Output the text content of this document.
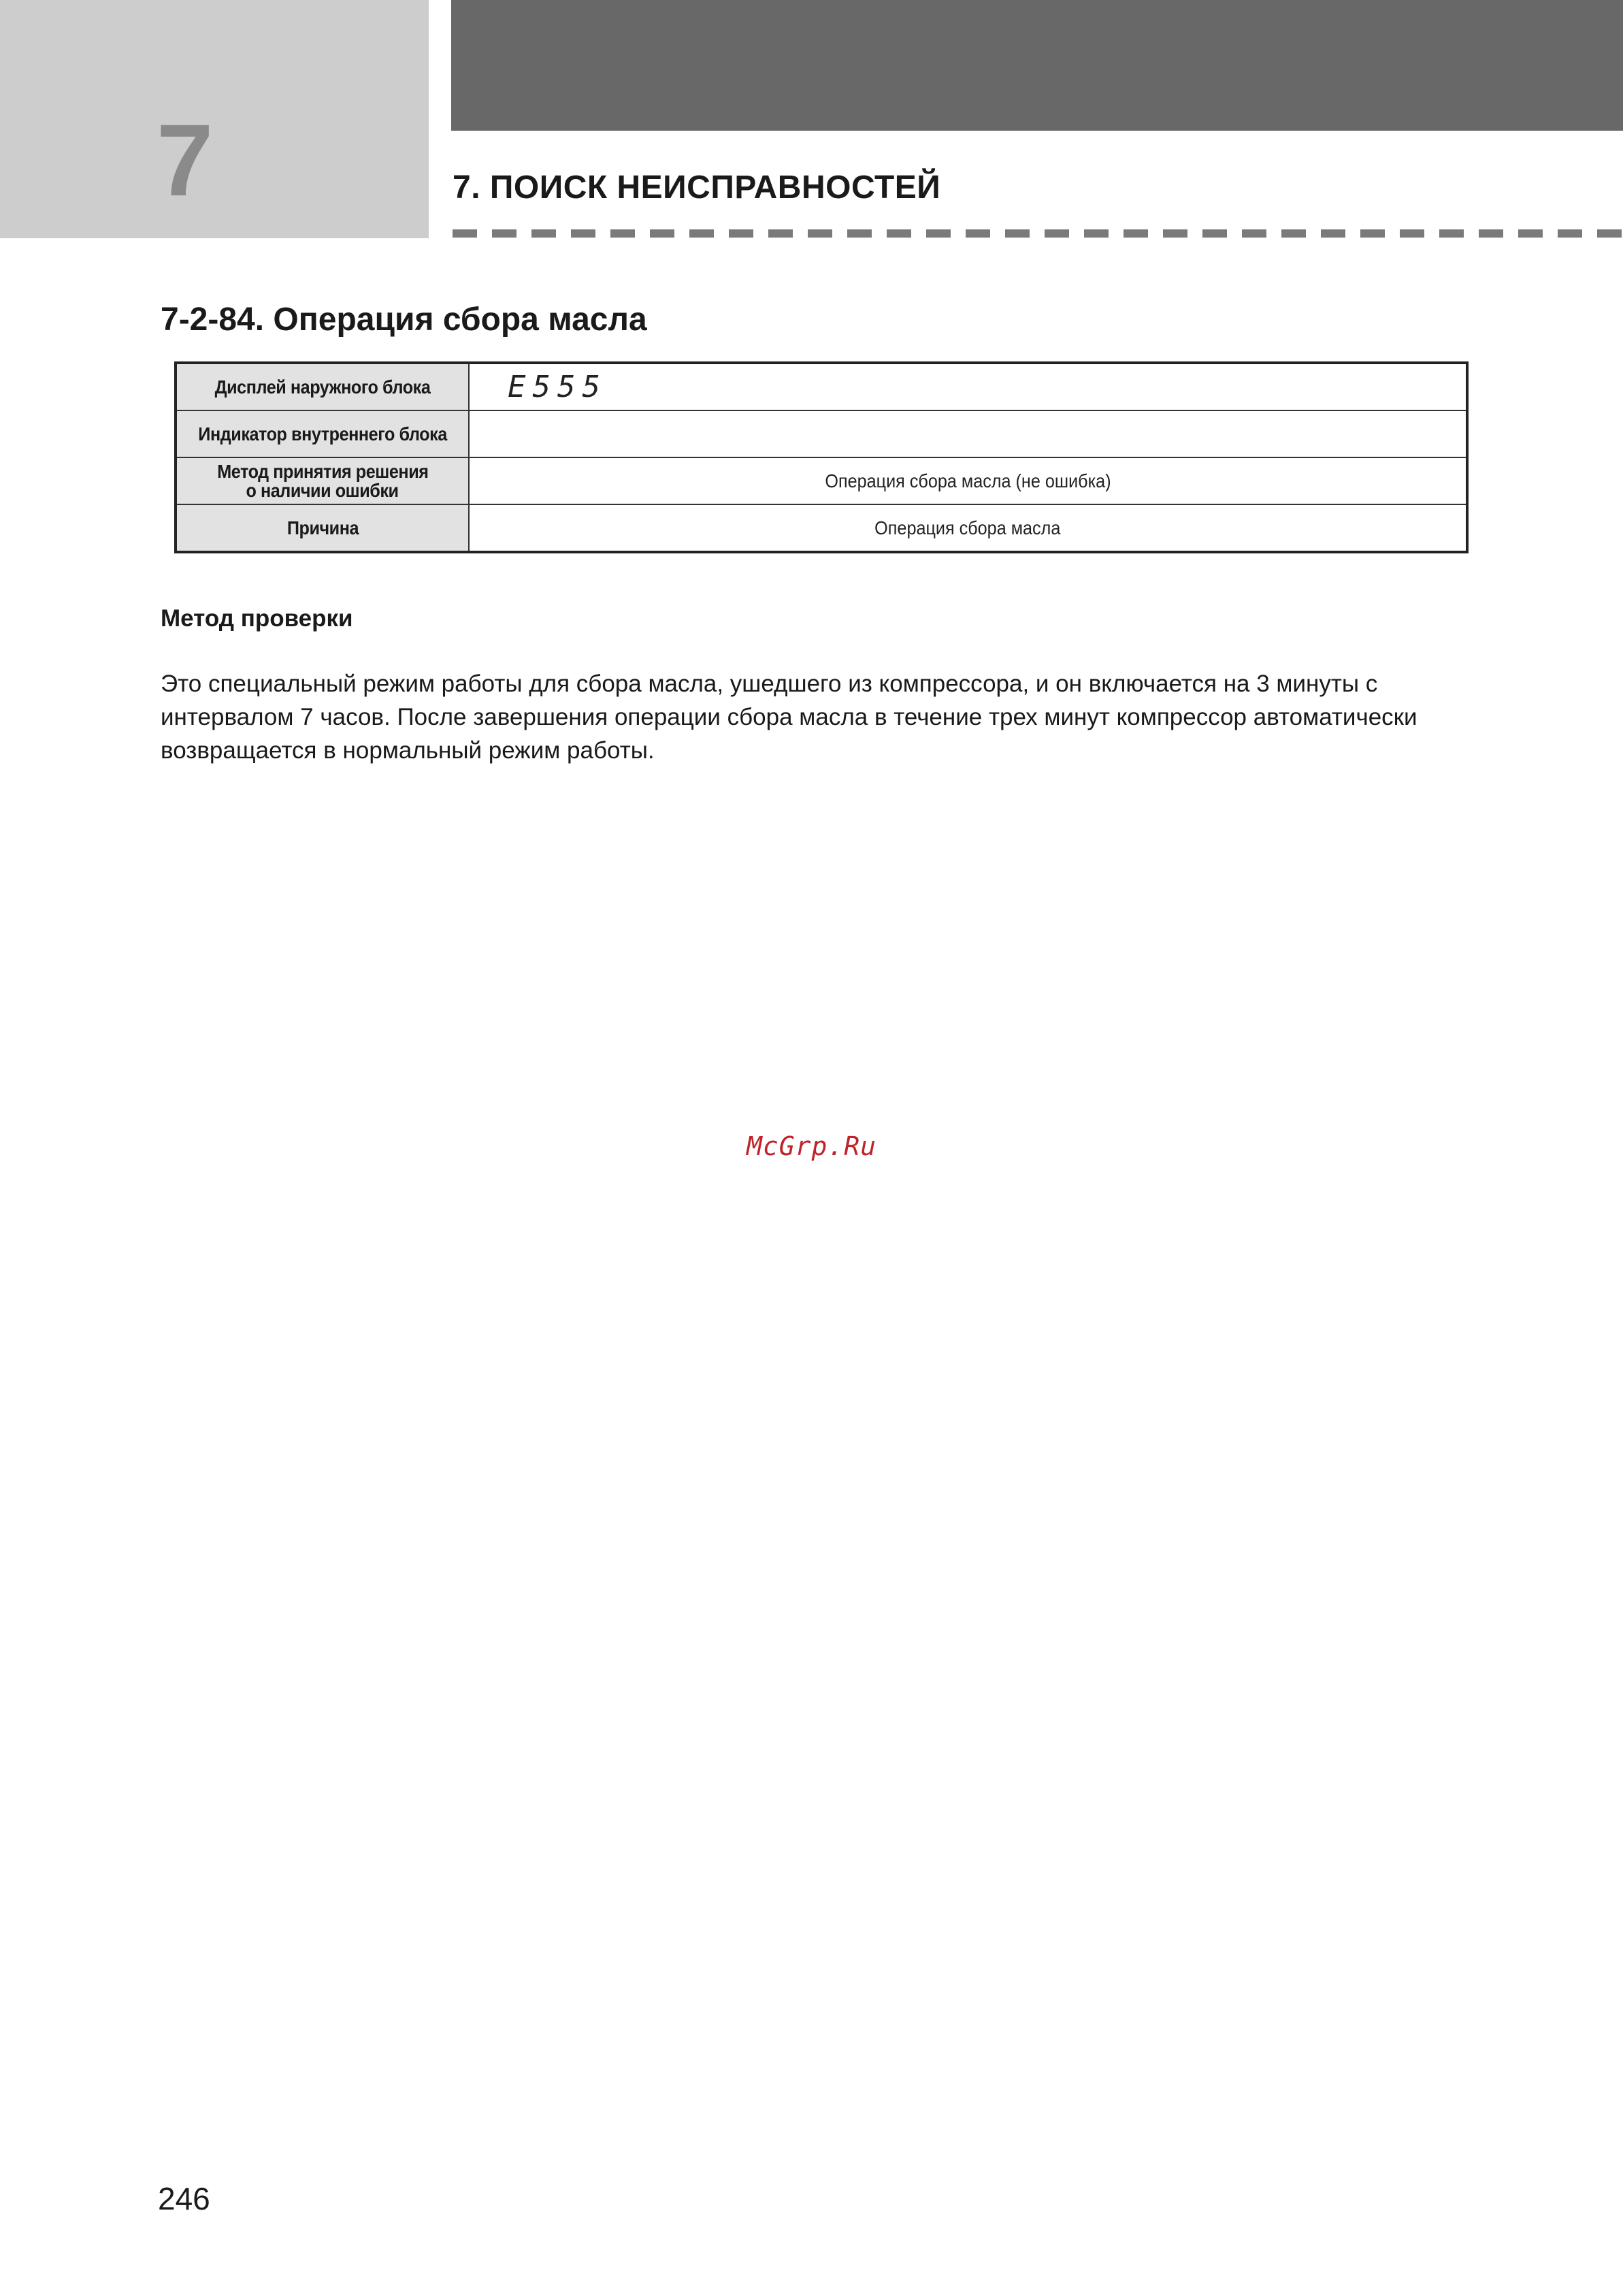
7	7. ПОИСК НЕИСПРАВНОСТЕЙ
7-2-84. Операция сбора масла
Дисплей наружного блока	E555
Индикатор внутреннего блока	
Метод принятия решения
о наличии ошибки	Операция сбора масла (не ошибка)
Причина	Операция сбора масла
Метод проверки

Это специальный режим работы для сбора масла, ушедшего из компрессора, и он включается на 3 минуты с интервалом 7 часов. После завершения операции сбора масла в течение трех минут компрессор автоматически возвращается в нормальный режим работы.

McGrp.Ru
246
